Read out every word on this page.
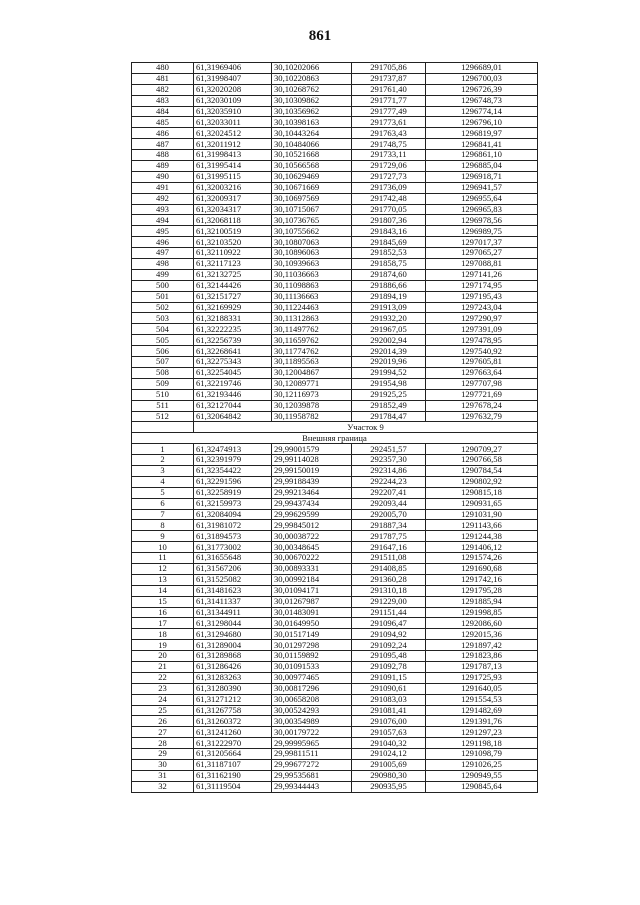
861
480	61,31969406	30,10202066	291705,86	1296689,01
481	61,31998407	30,10220863	291737,87	1296700,03
482	61,32020208	30,10268762	291761,40	1296726,39
483	61,32030109	30,10309862	291771,77	1296748,73
484	61,32035910	30,10356962	291777,49	1296774,14
485	61,32033011	30,10398163	291773,61	1296796,10
486	61,32024512	30,10443264	291763,43	1296819,97
487	61,32011912	30,10484066	291748,75	1296841,41
488	61,31998413	30,10521668	291733,11	1296861,10
489	61,31995414	30,10566568	291729,06	1296885,04
490	61,31995115	30,10629469	291727,73	1296918,71
491	61,32003216	30,10671669	291736,09	1296941,57
492	61,32009317	30,10697569	291742,48	1296955,64
493	61,32034317	30,10715067	291770,05	1296965,83
494	61,32068118	30,10736765	291807,36	1296978,56
495	61,32100519	30,10755662	291843,16	1296989,75
496	61,32103520	30,10807063	291845,69	1297017,37
497	61,32110922	30,10896063	291852,53	1297065,27
498	61,32117123	30,10939663	291858,75	1297088,81
499	61,32132725	30,11036663	291874,60	1297141,26
500	61,32144426	30,11098863	291886,66	1297174,95
501	61,32151727	30,11136663	291894,19	1297195,43
502	61,32169929	30,11224463	291913,09	1297243,04
503	61,32188331	30,11312863	291932,20	1297290,97
504	61,32222235	30,11497762	291967,05	1297391,09
505	61,32256739	30,11659762	292002,94	1297478,95
506	61,32268641	30,11774762	292014,39	1297540,92
507	61,32275343	30,11895563	292019,96	1297605,81
508	61,32254045	30,12004867	291994,52	1297663,64
509	61,32219746	30,12089771	291954,98	1297707,98
510	61,32193446	30,12116973	291925,25	1297721,69
511	61,32127044	30,12039878	291852,49	1297678,24
512	61,32064842	30,11958782	291784,47	1297632,79
	Участок 9			
Внешняя граница				
1	61,32474913	29,99001579	292451,57	1290709,27
2	61,32391979	29,99114028	292357,30	1290766,58
3	61,32354422	29,99150019	292314,86	1290784,54
4	61,32291596	29,99188439	292244,23	1290802,92
5	61,32258919	29,99213464	292207,41	1290815,18
6	61,32159973	29,99437434	292093,44	1290931,65
7	61,32084094	29,99629599	292005,70	1291031,90
8	61,31981072	29,99845012	291887,34	1291143,66
9	61,31894573	30,00038722	291787,75	1291244,38
10	61,31773002	30,00348645	291647,16	1291406,12
11	61,31655648	30,00670222	291511,08	1291574,26
12	61,31567206	30,00893331	291408,85	1291690,68
13	61,31525082	30,00992184	291360,28	1291742,16
14	61,31481623	30,01094171	291310,18	1291795,28
15	61,31411337	30,01267987	291229,00	1291885,94
16	61,31344911	30,01483091	291151,44	1291998,85
17	61,31298044	30,01649950	291096,47	1292086,60
18	61,31294680	30,01517149	291094,92	1292015,36
19	61,31289004	30,01297298	291092,24	1291897,42
20	61,31289868	30,01159892	291095,48	1291823,86
21	61,31286426	30,01091533	291092,78	1291787,13
22	61,31283263	30,00977465	291091,15	1291725,93
23	61,31280390	30,00817296	291090,61	1291640,05
24	61,31271212	30,00658208	291083,03	1291554,53
25	61,31267758	30,00524293	291081,41	1291482,69
26	61,31260372	30,00354989	291076,00	1291391,76
27	61,31241260	30,00179722	291057,63	1291297,23
28	61,31222970	29,99995965	291040,32	1291198,18
29	61,31205664	29,99811511	291024,12	1291098,79
30	61,31187107	29,99677272	291005,69	1291026,25
31	61,31162190	29,99535681	290980,30	1290949,55
32	61,31119504	29,99344443	290935,95	1290845,64
